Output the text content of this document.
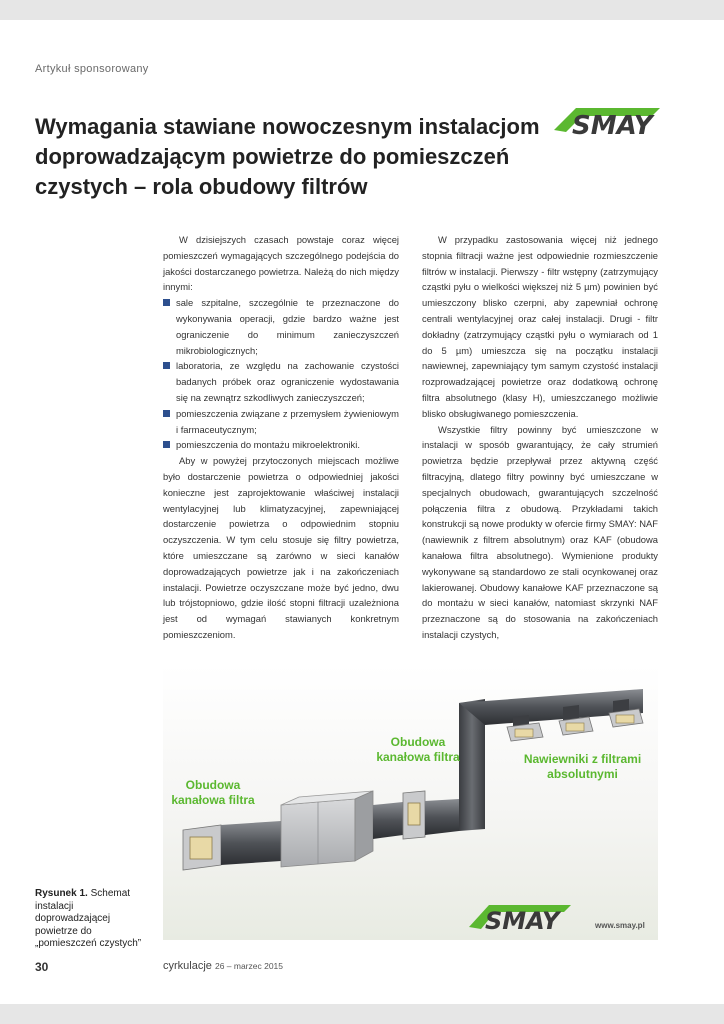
Artykuł sponsorowany
Wymagania stawiane nowoczesnym instalacjom doprowadzającym powietrze do pomieszczeń czystych – rola obudowy filtrów
SMAY

W dzisiejszych czasach powstaje coraz więcej pomieszczeń wymagających szczególnego podejścia do jakości dostarczanego powietrza. Należą do nich między innymi:

sale szpitalne, szczególnie te przeznaczone do wykonywania operacji, gdzie bardzo ważne jest ograniczenie do minimum zanieczyszczeń mikrobiologicznych;
laboratoria, ze względu na zachowanie czystości badanych próbek oraz ograniczenie wydostawania się na zewnątrz szkodliwych zanieczyszczeń;
pomieszczenia związane z przemysłem żywieniowym i farmaceutycznym;
pomieszczenia do montażu mikroelektroniki.

Aby w powyżej przytoczonych miejscach możliwe było dostarczenie powietrza o odpowiedniej jakości konieczne jest zaprojektowanie właściwej instalacji wentylacyjnej lub klimatyzacyjnej, zapewniającej dostarczenie powietrza o odpowiednim stopniu oczyszczenia. W tym celu stosuje się filtry powietrza, które umieszczane są zarówno w sieci kanałów doprowadzających powietrze jak i na zakończeniach instalacji. Powietrze oczyszczane może być jedno, dwu lub trójstopniowo, gdzie ilość stopni filtracji uzależniona jest od wymagań stawianych konkretnym pomieszczeniom.

W przypadku zastosowania więcej niż jednego stopnia filtracji ważne jest odpowiednie rozmieszczenie filtrów w instalacji. Pierwszy - filtr wstępny (zatrzymujący cząstki pyłu o wielkości większej niż 5 µm) powinien być umieszczony blisko czerpni, aby zapewniał ochronę centrali wentylacyjnej oraz całej instalacji. Drugi - filtr dokładny (zatrzymujący cząstki pyłu o wymiarach od 1 do 5 µm) umieszcza się na początku instalacji nawiewnej, zapewniający tym samym czystość instalacji rozprowadzającej powietrze oraz dodatkową ochronę filtra absolutnego (klasy H), umieszczanego możliwie blisko obsługiwanego pomieszczenia.

Wszystkie filtry powinny być umieszczone w instalacji w sposób gwarantujący, że cały strumień powietrza będzie przepływał przez aktywną część filtracyjną, dlatego filtry powinny być umieszczane w specjalnych obudowach, gwarantujących szczelność połączenia filtra z obudową. Przykładami takich konstrukcji są nowe produkty w ofercie firmy SMAY: NAF (nawiewnik z filtrem absolutnym) oraz KAF (obudowa kanałowa filtra absolutnego). Wymienione produkty wykonywane są standardowo ze stali ocynkowanej oraz lakierowanej. Obudowy kanałowe KAF przeznaczone są do montażu w sieci kanałów, natomiast skrzynki NAF przeznaczone są do stosowania na zakończeniach instalacji czystych,

SMAY
Obudowa kanałowa filtra
Obudowa kanałowa filtra	Nawiewniki z filtrami absolutnymi
www.smay.pl
Rysunek 1. Schemat instalacji doprowadzającej powietrze do „pomieszczeń czystych”
30	cyrkulacje 26 – marzec 2015
